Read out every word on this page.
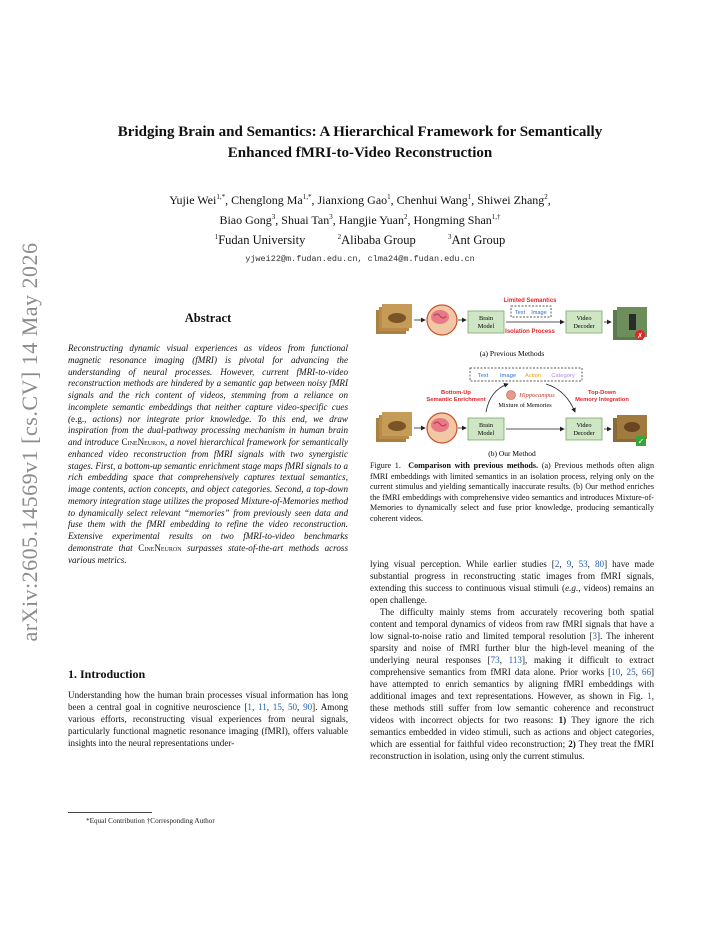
arXiv:2605.14569v1 [cs.CV] 14 May 2026
Bridging Brain and Semantics: A Hierarchical Framework for Semantically
Enhanced fMRI-to-Video Reconstruction
Yujie Wei$^{1,*}$, Chenglong $Ma^{1,*}$, Jianxiong Gao$^1$, Chenhui Wang$^1$, Shiwei Zhang$^2$,
Biao Gong$^3$, Shuai Tan$^3$, Hangjie Yuan$^2$, Hongming Shan$^{1,\dagger}$
$^1$Fudan University	$^2$Alibaba Group	$^3$Ant Group
yjwei22@m.fudan.edu.cn, clma24@m.fudan.edu.cn
Abstract
Reconstructing dynamic visual experiences as videos from functional magnetic resonance imaging (fMRI) is pivotal for advancing the understanding of neural processes. However, current fMRI-to-video reconstruction methods are hindered by a semantic gap between noisy fMRI signals and the rich content of videos, stemming from a reliance on incomplete semantic embeddings that neither capture video-specific cues (e.g., actions) nor integrate prior knowledge. To this end, we draw inspiration from the dual-pathway processing mechanism in human brain and introduce CineNeuron, a novel hierarchical framework for semantically enhanced video reconstruction from fMRI signals with two synergistic stages. First, a bottom-up semantic enrichment stage maps fMRI signals to a rich embedding space that comprehensively captures textual semantics, image contents, action concepts, and object categories. Second, a top-down memory integration stage utilizes the proposed Mixture-of-Memories method to dynamically select relevant “memories” from previously seen data and fuse them with the fMRI embedding to refine the video reconstruction. Extensive experimental results on two fMRI-to-video benchmarks demonstrate that CineNeuron surpasses state-of-the-art methods across various metrics.
1. Introduction
Understanding how the human brain processes visual information has long been a central goal in cognitive neuroscience [1, 11, 15, 50, 90]. Among various efforts, reconstructing visual experiences from neural signals, particularly functional magnetic resonance imaging (fMRI), offers valuable insights into the neural representations under-
*Equal Contribution †Corresponding Author
Brain
Model
Limited Semantics
Text Image
Isolation Process
Video
Decoder
✗
(a) Previous Methods
Text Image Action Category
Bottom-Up
Semantic Enrichment
Top-Down
Memory Integration
Hippocampus
Mixture of Memories
Brain
Model
Video
Decoder
✓
(b) Our Method
Figure 1. Comparison with previous methods. (a) Previous methods often align fMRI embeddings with limited semantics in an isolation process, relying only on the current stimulus and yielding semantically inaccurate results. (b) Our method enriches the fMRI embeddings with comprehensive video semantics and introduces Mixture-of-Memories to dynamically select and fuse prior knowledge, producing semantically coherent videos.

lying visual perception. While earlier studies [2, 9, 53, 80] have made substantial progress in reconstructing static images from fMRI signals, extending this success to continuous visual stimuli (e.g., videos) remains an open challenge.

The difficulty mainly stems from accurately recovering both spatial content and temporal dynamics of videos from raw fMRI signals that have a low signal-to-noise ratio and limited temporal resolution [3]. The inherent sparsity and noise of fMRI further blur the high-level meaning of the underlying neural responses [73, 113], making it difficult to extract comprehensive semantics from fMRI data alone. Prior works [10, 25, 66] have attempted to enrich semantics by aligning fMRI embeddings with additional images and text representations. However, as shown in Fig. 1, these methods still suffer from low semantic coherence and reconstruct videos with incorrect objects for two reasons: 1) They ignore the rich semantics embedded in video stimuli, such as actions and object categories, which are essential for faithful video reconstruction; 2) They treat the fMRI reconstruction in isolation, using only the current stimulus.
